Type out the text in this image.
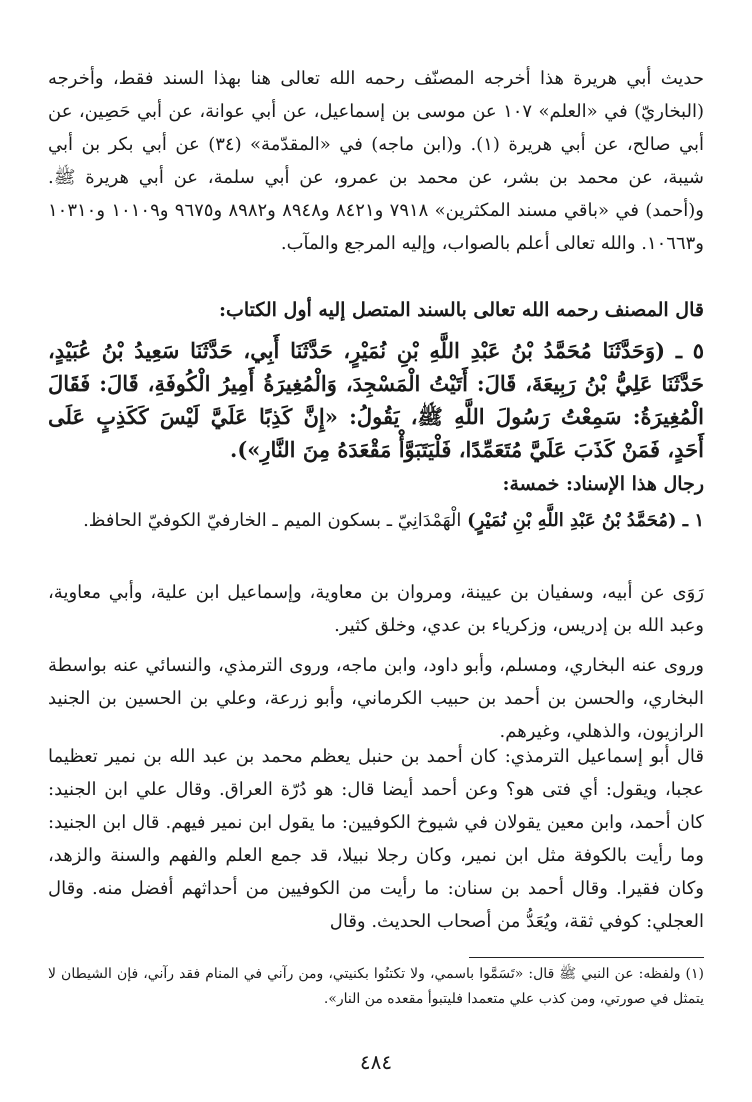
حديث أبي هريرة هذا أخرجه المصنّف رحمه الله تعالى هنا بهذا السند فقط، وأخرجه (البخاريّ) في «العلم» ١٠٧ عن موسى بن إسماعيل، عن أبي عوانة، عن أبي حَصِين، عن أبي صالح، عن أبي هريرة (١). و(ابن ماجه) في «المقدّمة» (٣٤) عن أبي بكر بن أبي شيبة، عن محمد بن بشر، عن محمد بن عمرو، عن أبي سلمة، عن أبي هريرة ﷺ. و(أحمد) في «باقي مسند المكثرين» ٧٩١٨ و٨٤٢١ و٨٩٤٨ و٨٩٨٢ و٩٦٧٥ و١٠١٠٩ و١٠٣١٠ و١٠٦٦٣. والله تعالى أعلم بالصواب، وإليه المرجع والمآب.

قال المصنف رحمه الله تعالى بالسند المتصل إليه أول الكتاب:

٥ ـ (وَحَدَّثَنَا مُحَمَّدُ بْنُ عَبْدِ اللَّهِ بْنِ نُمَيْرٍ، حَدَّثَنَا أَبِي، حَدَّثَنَا سَعِيدُ بْنُ عُبَيْدٍ، حَدَّثَنَا عَلِيُّ بْنُ رَبِيعَةَ، قَالَ: أَتَيْتُ الْمَسْجِدَ، وَالْمُغِيرَةُ أَمِيرُ الْكُوفَةِ، قَالَ: فَقَالَ الْمُغِيرَةُ: سَمِعْتُ رَسُولَ اللَّهِ ﷺ، يَقُولُ: «إِنَّ كَذِبًا عَلَيَّ لَيْسَ كَكَذِبٍ عَلَى أَحَدٍ، فَمَنْ كَذَبَ عَلَيَّ مُتَعَمِّدًا، فَلْيَتَبَوَّأْ مَقْعَدَهُ مِنَ النَّارِ»).

رجال هذا الإسناد: خمسة:

١ ـ (مُحَمَّدُ بْنُ عَبْدِ اللَّهِ بْنِ نُمَيْرٍ) الْهَمْدَانِيّ ـ بسكون الميم ـ الخارفيّ الكوفيّ الحافظ.

رَوَى عن أبيه، وسفيان بن عيينة، ومروان بن معاوية، وإسماعيل ابن علية، وأبي معاوية، وعبد الله بن إدريس، وزكرياء بن عدي، وخلق كثير.

وروى عنه البخاري، ومسلم، وأبو داود، وابن ماجه، وروى الترمذي، والنسائي عنه بواسطة البخاري، والحسن بن أحمد بن حبيب الكرماني، وأبو زرعة، وعلي بن الحسين بن الجنيد الرازيون، والذهلي، وغيرهم.

قال أبو إسماعيل الترمذي: كان أحمد بن حنبل يعظم محمد بن عبد الله بن نمير تعظيما عجبا، ويقول: أي فتى هو؟ وعن أحمد أيضا قال: هو دُرّة العراق. وقال علي ابن الجنيد: كان أحمد، وابن معين يقولان في شيوخ الكوفيين: ما يقول ابن نمير فيهم. قال ابن الجنيد: وما رأيت بالكوفة مثل ابن نمير، وكان رجلا نبيلا، قد جمع العلم والفهم والسنة والزهد، وكان فقيرا. وقال أحمد بن سنان: ما رأيت من الكوفيين من أحداثهم أفضل منه. وقال العجلي: كوفي ثقة، ويُعَدُّ من أصحاب الحديث. وقال

(١) ولفظه: عن النبي ﷺ قال: «تَسَمَّوا باسمي، ولا تكتنُوا بكنيتي، ومن رآني في المنام فقد رآني، فإن الشيطان لا يتمثل في صورتي، ومن كذب علي متعمدا فليتبوأ مقعده من النار».

٤٨٤
